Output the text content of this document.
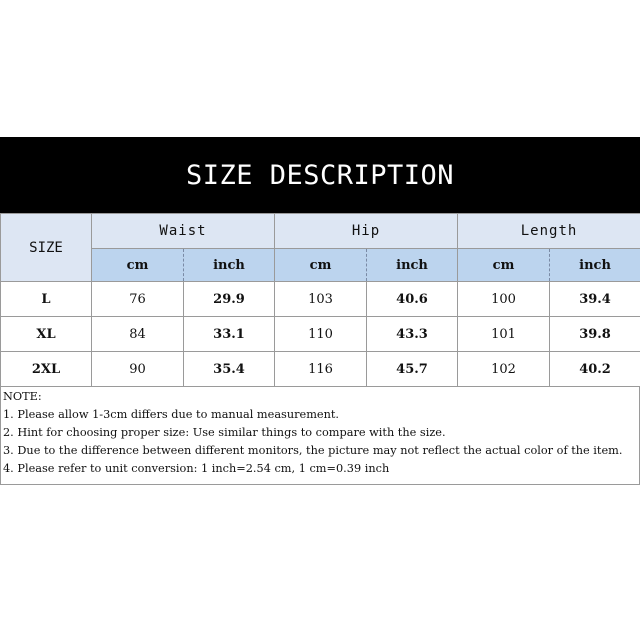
SIZE DESCRIPTION
SIZE	Waist		Hip		Length	
	cm	inch	cm	inch	cm	inch
L	76	29.9	103	40.6	100	39.4
XL	84	33.1	110	43.3	101	39.8
2XL	90	35.4	116	45.7	102	40.2
NOTE:
1. Please allow 1-3cm differs due to manual measurement.
2. Hint for choosing proper size: Use similar things to compare with the size.
3. Due to the difference between different monitors, the picture may not reflect the actual color of the item.
4. Please refer to unit conversion: 1 inch=2.54 cm, 1 cm=0.39 inch
